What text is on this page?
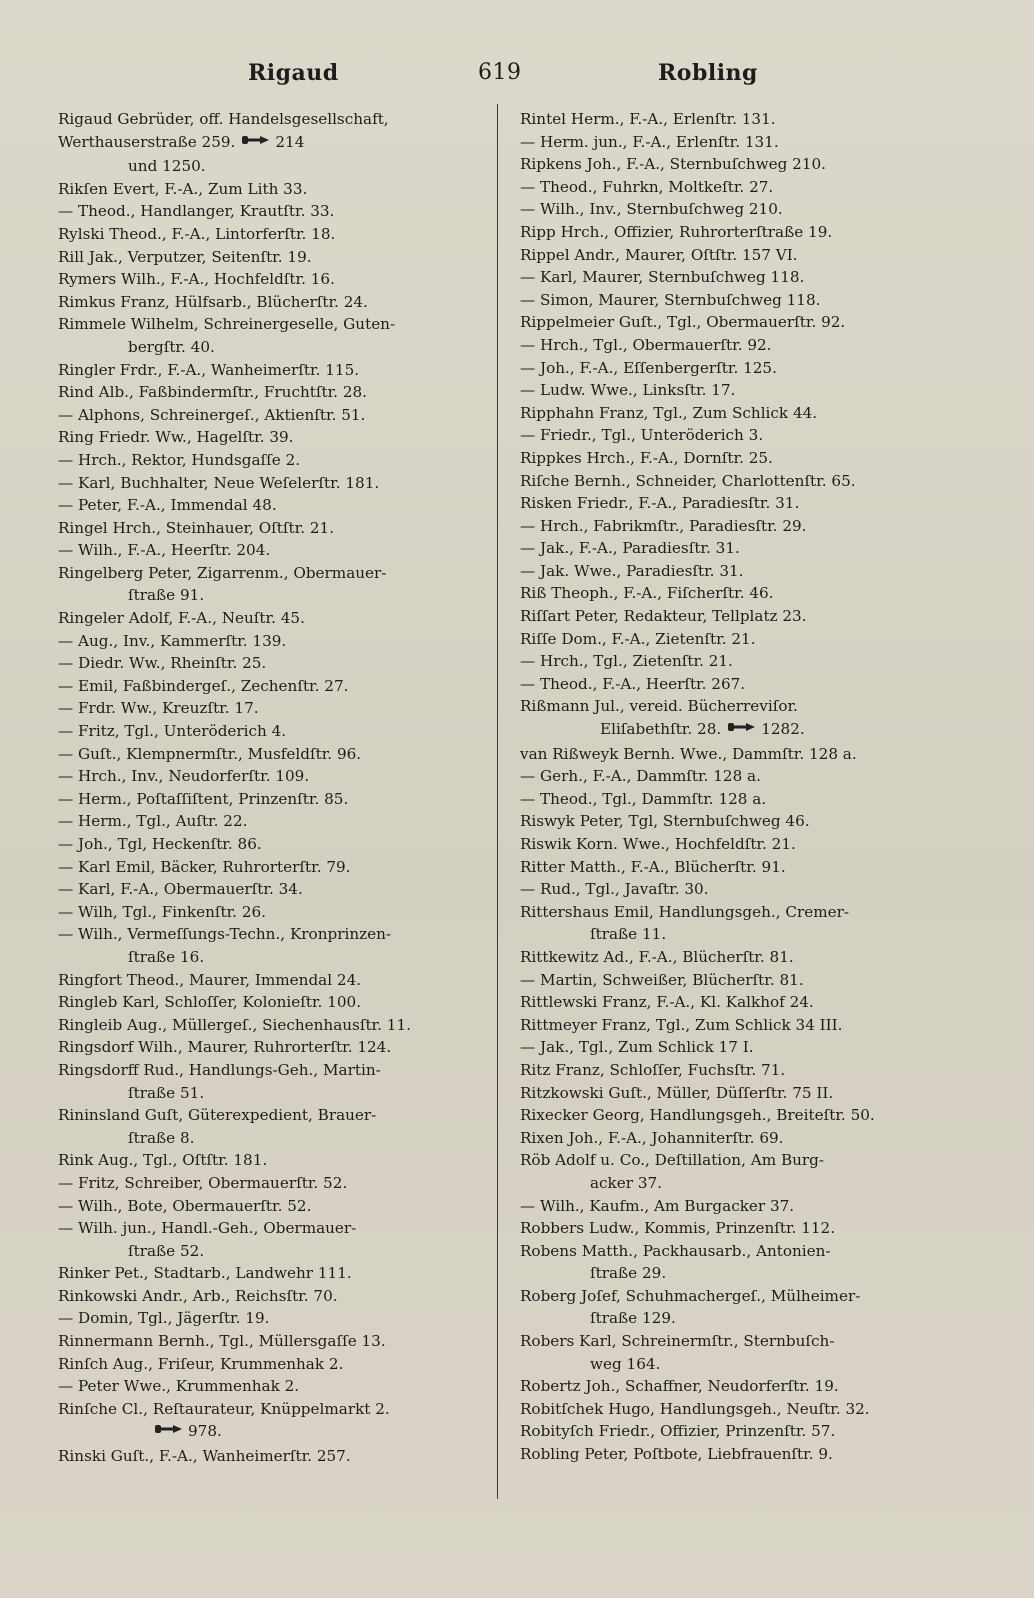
Rigaud	619	Robling
Rigaud Gebrüder, off. Handelsgesellschaft,
Werthauserstraße 259.	214
und 1250.
Rikſen Evert, F.-A., Zum Lith 33.
— Theod., Handlanger, Krautſtr. 33.
Rylski Theod., F.-A., Lintorferſtr. 18.
Rill Jak., Verputzer, Seitenſtr. 19.
Rymers Wilh., F.-A., Hochfeldſtr. 16.
Rimkus Franz, Hülfsarb., Blücherſtr. 24.
Rimmele Wilhelm, Schreinergeselle, Guten-
bergſtr. 40.
Ringler Frdr., F.-A., Wanheimerſtr. 115.
Rind Alb., Faßbindermſtr., Fruchtſtr. 28.
— Alphons, Schreinergeſ., Aktienſtr. 51.
Ring Friedr. Ww., Hagelſtr. 39.
— Hrch., Rektor, Hundsgaſſe 2.
— Karl, Buchhalter, Neue Weſelerſtr. 181.
— Peter, F.-A., Immendal 48.
Ringel Hrch., Steinhauer, Oſtſtr. 21.
— Wilh., F.-A., Heerſtr. 204.
Ringelberg Peter, Zigarrenm., Obermauer-
ſtraße 91.
Ringeler Adolf, F.-A., Neuſtr. 45.
— Aug., Inv., Kammerſtr. 139.
— Diedr. Ww., Rheinſtr. 25.
— Emil, Faßbindergeſ., Zechenſtr. 27.
— Frdr. Ww., Kreuzſtr. 17.
— Fritz, Tgl., Unteröderich 4.
— Guſt., Klempnermſtr., Musfeldſtr. 96.
— Hrch., Inv., Neudorferſtr. 109.
— Herm., Poſtaſſiſtent, Prinzenſtr. 85.
— Herm., Tgl., Auſtr. 22.
— Joh., Tgl, Heckenſtr. 86.
— Karl Emil, Bäcker, Ruhrorterſtr. 79.
— Karl, F.-A., Obermauerſtr. 34.
— Wilh, Tgl., Finkenſtr. 26.
— Wilh., Vermeſſungs-Techn., Kronprinzen-
ſtraße 16.
Ringfort Theod., Maurer, Immendal 24.
Ringleb Karl, Schloſſer, Kolonieſtr. 100.
Ringleib Aug., Müllergeſ., Siechenhausſtr. 11.
Ringsdorf Wilh., Maurer, Ruhrorterſtr. 124.
Ringsdorff Rud., Handlungs-Geh., Martin-
ſtraße 51.
Rininsland Guſt, Güterexpedient, Brauer-
ſtraße 8.
Rink Aug., Tgl., Oſtſtr. 181.
— Fritz, Schreiber, Obermauerſtr. 52.
— Wilh., Bote, Obermauerſtr. 52.
— Wilh. jun., Handl.-Geh., Obermauer-
ſtraße 52.
Rinker Pet., Stadtarb., Landwehr 111.
Rinkowski Andr., Arb., Reichsſtr. 70.
— Domin, Tgl., Jägerſtr. 19.
Rinnermann Bernh., Tgl., Müllersgaſſe 13.
Rinſch Aug., Friſeur, Krummenhak 2.
— Peter Wwe., Krummenhak 2.
Rinſche Cl., Reſtaurateur, Knüppelmarkt 2.
978.
Rinski Guſt., F.-A., Wanheimerſtr. 257.
Rintel Herm., F.-A., Erlenſtr. 131.
— Herm. jun., F.-A., Erlenſtr. 131.
Ripkens Joh., F.-A., Sternbuſchweg 210.
— Theod., Fuhrkn, Moltkeſtr. 27.
— Wilh., Inv., Sternbuſchweg 210.
Ripp Hrch., Offizier, Ruhrorterſtraße 19.
Rippel Andr., Maurer, Oſtſtr. 157 VI.
— Karl, Maurer, Sternbuſchweg 118.
— Simon, Maurer, Sternbuſchweg 118.
Rippelmeier Guſt., Tgl., Obermauerſtr. 92.
— Hrch., Tgl., Obermauerſtr. 92.
— Joh., F.-A., Eſſenbergerſtr. 125.
— Ludw. Wwe., Linksſtr. 17.
Ripphahn Franz, Tgl., Zum Schlick 44.
— Friedr., Tgl., Unteröderich 3.
Rippkes Hrch., F.-A., Dornſtr. 25.
Riſche Bernh., Schneider, Charlottenſtr. 65.
Risken Friedr., F.-A., Paradiesſtr. 31.
— Hrch., Fabrikmſtr., Paradiesſtr. 29.
— Jak., F.-A., Paradiesſtr. 31.
— Jak. Wwe., Paradiesſtr. 31.
Riß Theoph., F.-A., Fiſcherſtr. 46.
Riſſart Peter, Redakteur, Tellplatz 23.
Riſſe Dom., F.-A., Zietenſtr. 21.
— Hrch., Tgl., Zietenſtr. 21.
— Theod., F.-A., Heerſtr. 267.
Rißmann Jul., vereid. Bücherreviſor.
Eliſabethſtr. 28.	1282.
van Rißweyk Bernh. Wwe., Dammſtr. 128 a.
— Gerh., F.-A., Dammſtr. 128 a.
— Theod., Tgl., Dammſtr. 128 a.
Riswyk Peter, Tgl, Sternbuſchweg 46.
Riswik Korn. Wwe., Hochfeldſtr. 21.
Ritter Matth., F.-A., Blücherſtr. 91.
— Rud., Tgl., Javaſtr. 30.
Rittershaus Emil, Handlungsgeh., Cremer-
ſtraße 11.
Rittkewitz Ad., F.-A., Blücherſtr. 81.
— Martin, Schweißer, Blücherſtr. 81.
Rittlewski Franz, F.-A., Kl. Kalkhof 24.
Rittmeyer Franz, Tgl., Zum Schlick 34 III.
— Jak., Tgl., Zum Schlick 17 I.
Ritz Franz, Schloſſer, Fuchsſtr. 71.
Ritzkowski Guſt., Müller, Düſſerſtr. 75 II.
Rixecker Georg, Handlungsgeh., Breiteſtr. 50.
Rixen Joh., F.-A., Johanniterſtr. 69.
Röb Adolf u. Co., Deſtillation, Am Burg-
acker 37.
— Wilh., Kaufm., Am Burgacker 37.
Robbers Ludw., Kommis, Prinzenſtr. 112.
Robens Matth., Packhausarb., Antonien-
ſtraße 29.
Roberg Joſef, Schuhmachergeſ., Mülheimer-
ſtraße 129.
Robers Karl, Schreinermſtr., Sternbuſch-
weg 164.
Robertz Joh., Schaffner, Neudorferſtr. 19.
Robitſchek Hugo, Handlungsgeh., Neuſtr. 32.
Robityſch Friedr., Offizier, Prinzenſtr. 57.
Robling Peter, Poſtbote, Liebfrauenſtr. 9.
